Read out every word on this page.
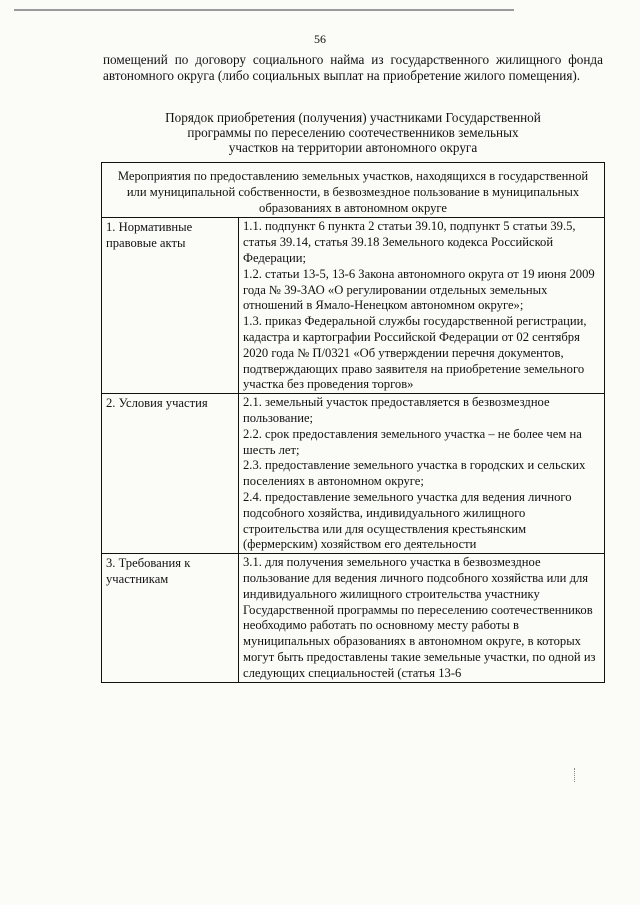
56
помещений по договору социального найма из государственного жилищного фонда автономного округа (либо социальных выплат на приобретение жилого помещения).
Порядок приобретения (получения) участниками Государственной
программы по переселению соотечественников земельных
участков на территории автономного округа
Мероприятия по предоставлению земельных участков, находящихся в государственной или муниципальной собственности, в безвозмездное пользование в муниципальных образованиях в автономном округе	
1. Нормативные правовые акты	1.1. подпункт 6 пункта 2 статьи 39.10, подпункт 5 статьи 39.5, статья 39.14, статья 39.18 Земельного кодекса Российской Федерации;
1.2. статьи 13-5, 13-6 Закона автономного округа от 19 июня 2009 года № 39-ЗАО «О регулировании отдельных земельных отношений в Ямало-Ненецком автономном округе»;
1.3. приказ Федеральной службы государственной регистрации, кадастра и картографии Российской Федерации от 02 сентября 2020 года № П/0321 «Об утверждении перечня документов, подтверждающих право заявителя на приобретение земельного участка без проведения торгов»

2. Условия участия	2.1. земельный участок предоставляется в безвозмездное пользование;
2.2. срок предоставления земельного участка – не более чем на шесть лет;
2.3. предоставление земельного участка в городских и сельских поселениях в автономном округе;
2.4. предоставление земельного участка для ведения личного подсобного хозяйства, индивидуального жилищного строительства или для осуществления крестьянским (фермерским) хозяйством его деятельности

3. Требования к участникам	3.1. для получения земельного участка в безвозмездное пользование для ведения личного подсобного хозяйства или для индивидуального жилищного строительства участнику Государственной программы по переселению соотечественников необходимо работать по основному месту работы в муниципальных образованиях в автономном округе, в которых могут быть предоставлены такие земельные участки, по одной из следующих специальностей (статья 13-6
